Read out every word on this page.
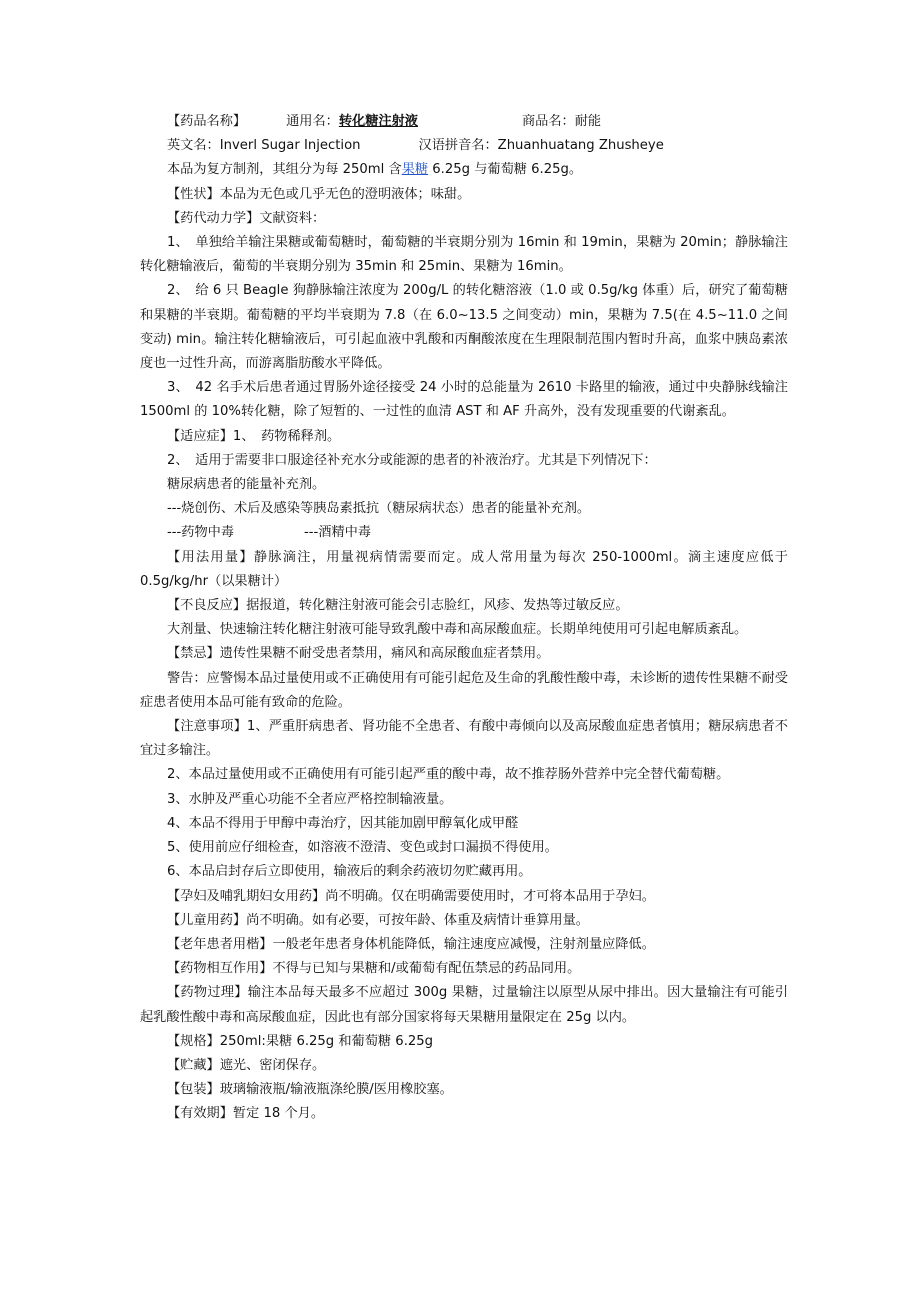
【药品名称】	通用名： 转化糖注射液	商品名： 耐能
英文名： Inverl Sugar Injection	汉语拼音名： Zhuanhuatang Zhusheye

本品为复方制剂，其组分为每 250ml 含果糖 6.25g 与葡萄糖 6.25g。

【性状】本品为无色或几乎无色的澄明液体；味甜。

【药代动力学】文献资料：

1、　单独给羊输注果糖或葡萄糖时，葡萄糖的半衰期分别为 16min 和 19min，果糖为 20min；静脉输注转化糖输液后，葡萄的半衰期分别为 35min 和 25min、果糖为 16min。

2、　给 6 只 Beagle 狗静脉输注浓度为 200g/L 的转化糖溶液（1.0 或 0.5g/kg 体重）后，研究了葡萄糖和果糖的半衰期。葡萄糖的平均半衰期为 7.8（在 6.0~13.5 之间变动）min，果糖为 7.5(在 4.5~11.0 之间变动) min。输注转化糖输液后，可引起血液中乳酸和丙酮酸浓度在生理限制范围内暂时升高，血浆中胰岛素浓度也一过性升高，而游离脂肪酸水平降低。

3、　42 名手术后患者通过胃肠外途径接受 24 小时的总能量为 2610 卡路里的输液，通过中央静脉线输注 1500ml 的 10%转化糖，除了短暂的、一过性的血清 AST 和 AF 升高外，没有发现重要的代谢紊乱。

【适应症】1、　药物稀释剂。

2、　适用于需要非口服途径补充水分或能源的患者的补液治疗。尤其是下列情况下：

糖尿病患者的能量补充剂。

---烧创伤、术后及感染等胰岛素抵抗（糖尿病状态）患者的能量补充剂。

---药物中毒	---酒精中毒

【用法用量】静脉滴注，用量视病情需要而定。成人常用量为每次 250-1000ml。滴主速度应低于 0.5g/kg/hr（以果糖计）

【不良反应】据报道，转化糖注射液可能会引志脸红，风疹、发热等过敏反应。

大剂量、快速输注转化糖注射液可能导致乳酸中毒和高尿酸血症。长期单纯使用可引起电解质紊乱。

【禁忌】遗传性果糖不耐受患者禁用，痛风和高尿酸血症者禁用。

警告：应警惕本品过量使用或不正确使用有可能引起危及生命的乳酸性酸中毒，未诊断的遗传性果糖不耐受症患者使用本品可能有致命的危险。

【注意事项】1、严重肝病患者、肾功能不全患者、有酸中毒倾向以及高尿酸血症患者慎用；糖尿病患者不宜过多输注。

2、本品过量使用或不正确使用有可能引起严重的酸中毒，故不推荐肠外营养中完全替代葡萄糖。

3、水肿及严重心功能不全者应严格控制输液量。

4、本品不得用于甲醇中毒治疗，因其能加剧甲醇氧化成甲醛

5、使用前应仔细检查，如溶液不澄清、变色或封口漏损不得使用。

6、本品启封存后立即使用，输液后的剩余药液切勿贮藏再用。

【孕妇及哺乳期妇女用药】尚不明确。仅在明确需要使用时，才可将本品用于孕妇。

【儿童用药】尚不明确。如有必要，可按年龄、体重及病情计垂算用量。

【老年患者用楷】一般老年患者身体机能降低，输注速度应减慢，注射剂量应降低。

【药物相互作用】不得与已知与果糖和/或葡萄有配伍禁忌的药品同用。

【药物过理】输注本品每天最多不应超过 300g 果糖，过量输注以原型从尿中排出。因大量输注有可能引起乳酸性酸中毒和高尿酸血症，因此也有部分国家将每天果糖用量限定在 25g 以内。

【规格】250ml:果糖 6.25g 和葡萄糖 6.25g

【贮藏】遮光、密闭保存。

【包装】玻璃输液瓶/输液瓶涤纶膜/医用橡胶塞。

【有效期】暂定 18 个月。
